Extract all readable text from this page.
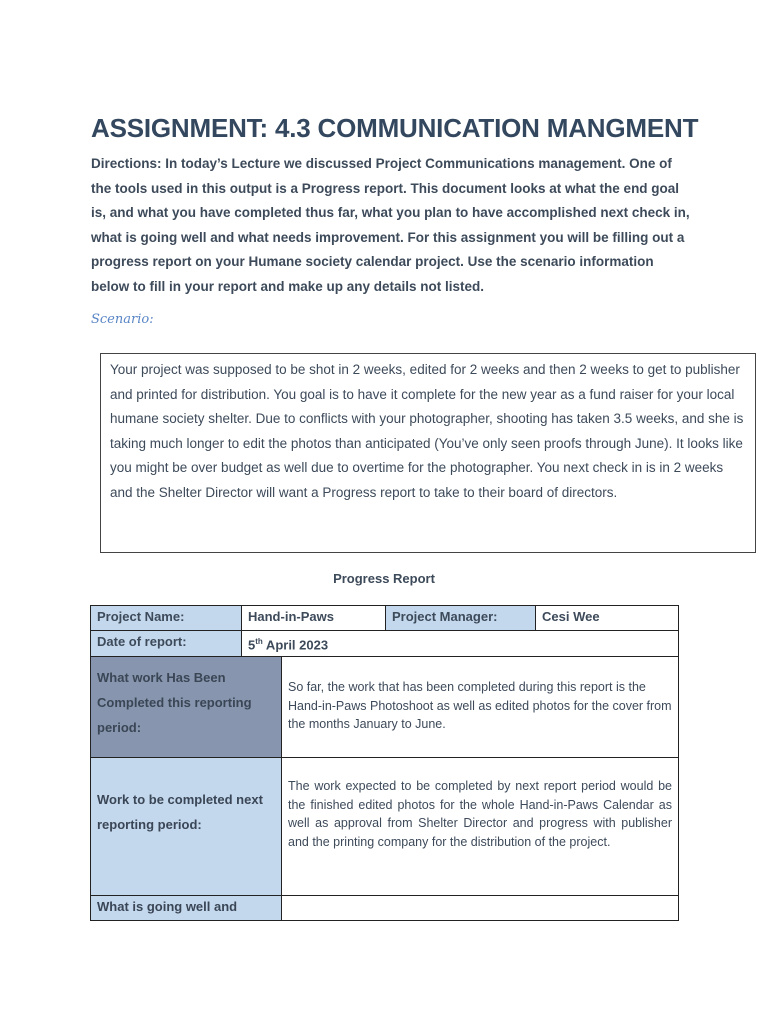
ASSIGNMENT: 4.3 COMMUNICATION MANGMENT
Directions: In today’s Lecture we discussed Project Communications management. One of the tools used in this output is a Progress report. This document looks at what the end goal is, and what you have completed thus far, what you plan to have accomplished next check in, what is going well and what needs improvement. For this assignment you will be filling out a progress report on your Humane society calendar project. Use the scenario information below to fill in your report and make up any details not listed.
Scenario:
Your project was supposed to be shot in 2 weeks, edited for 2 weeks and then 2 weeks to get to publisher and printed for distribution. You goal is to have it complete for the new year as a fund raiser for your local humane society shelter. Due to conflicts with your photographer, shooting has taken 3.5 weeks, and she is taking much longer to edit the photos than anticipated (You’ve only seen proofs through June). It looks like you might be over budget as well due to overtime for the photographer. You next check in is in 2 weeks and the Shelter Director will want a Progress report to take to their board of directors.
Progress Report
Project Name:	Hand-in-Paws		Project Manager:	Cesi Wee
Date of report:	5th April 2023			
What work Has Been Completed this reporting period:		So far, the work that has been completed during this report is the Hand-in-Paws Photoshoot as well as edited photos for the cover from the months January to June.		
Work to be completed next reporting period:		The work expected to be completed by next report period would be the finished edited photos for the whole Hand-in-Paws Calendar as well as approval from Shelter Director and progress with publisher and the printing company for the distribution of the project.		
What is going well and				
